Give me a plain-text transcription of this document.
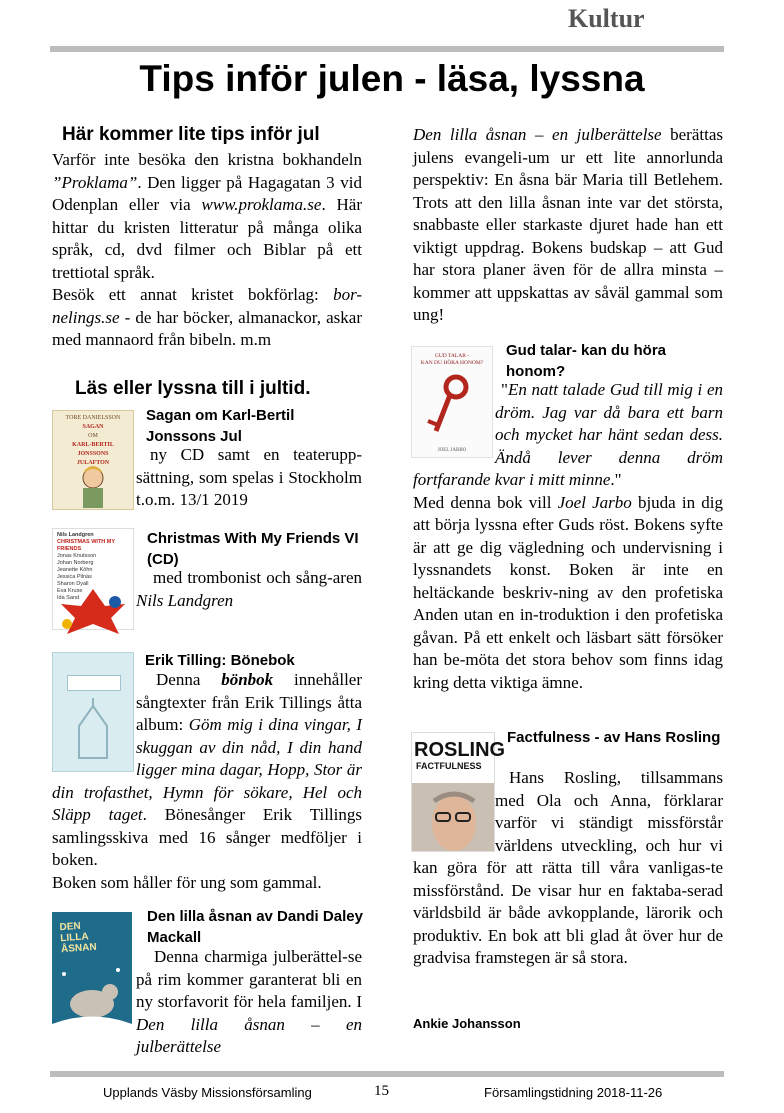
Kultur
Tips inför julen - läsa, lyssna
Här kommer lite tips inför jul

Varför inte besöka den kristna bokhandeln ”Proklama”. Den ligger på Hagagatan 3 vid Odenplan eller via www.proklama.se. Här hittar du kristen litteratur på många olika språk, cd, dvd filmer och Biblar på ett trettiotal språk.

Besök ett annat kristet bokförlag: bor-nelings.se - de har böcker, almanackor, askar med mannaord från bibeln. m.m

Läs eller lyssna till i jultid.
TORE DANIELSSON
SAGAN
OM
KARL-BERTIL
JONSSONS
JULAFTON
Sagan om Karl-Bertil Jonssons Jul
ny CD samt en teaterupp-sättning, som spelas i Stockholm t.o.m. 13/1 2019
Nils Landgren
CHRISTMAS WITH MY FRIENDS
Jonas Knutsson
Johan Norberg
Jeanette Köhn
Jessica Pilnäs
Sharon Dyall
Eva Kruse
Ida Sand
Christmas With My Friends VI (CD)
med trombonist och sång-aren Nils Landgren
Erik Tilling: Bönebok

Denna bönbok innehåller sångtexter från Erik Tillings åtta album: Göm mig i dina vingar, I skuggan av din nåd, I din hand ligger mina dagar, Hopp, Stor är din trofasthet, Hymn för sökare, Hel och Släpp taget. Bönesånger Erik Tillings samlingsskiva med 16 sånger medföljer i boken.

Boken som håller för ung som gammal.

DEN
LILLA
ÅSNAN
Den lilla åsnan av Dandi Daley Mackall
Denna charmiga julberättel-se på rim kommer garanterat bli en ny storfavorit för hela familjen. I Den lilla åsnan – en julberättelse
Den lilla åsnan – en julberättelse berättas julens evangeli-um ur ett lite annorlunda perspektiv: En åsna bär Maria till Betlehem. Trots att den lilla åsnan inte var det största, snabbaste eller starkaste djuret hade han ett viktigt uppdrag. Bokens budskap – att Gud har stora planer även för de allra minsta – kommer att uppskattas av såväl gammal som ung!
GUD TALAR -
KAN DU HÖRA HONOM?
JOEL JARBO
Gud talar- kan du höra honom?

"En natt talade Gud till mig i en dröm. Jag var då bara ett barn och mycket har hänt sedan dess. Ändå lever denna dröm fortfarande kvar i mitt minne."

Med denna bok vill Joel Jarbo bjuda in dig att börja lyssna efter Guds röst. Bokens syfte är att ge dig vägledning och undervisning i lyssnandets konst. Boken är inte en heltäckande beskriv-ning av den profetiska Anden utan en in-troduktion i den profetiska gåvan. På ett enkelt och läsbart sätt försöker han be-möta det stora behov som finns idag kring detta viktiga ämne.

ROSLING
FACTFULNESS
Factfulness - av Hans Rosling

Hans Rosling, tillsammans med Ola och Anna, förklarar varför vi ständigt missförstår världens utveckling, och hur vi kan göra för att rätta till våra vanligas-te missförstånd. De visar hur en faktaba-serad världsbild är både avkopplande, lärorik och produktiv. En bok att bli glad åt över hur de gradvisa framstegen är så stora.

Ankie Johansson
Upplands Väsby Missionsförsamling	15	Församlingstidning 2018-11-26
